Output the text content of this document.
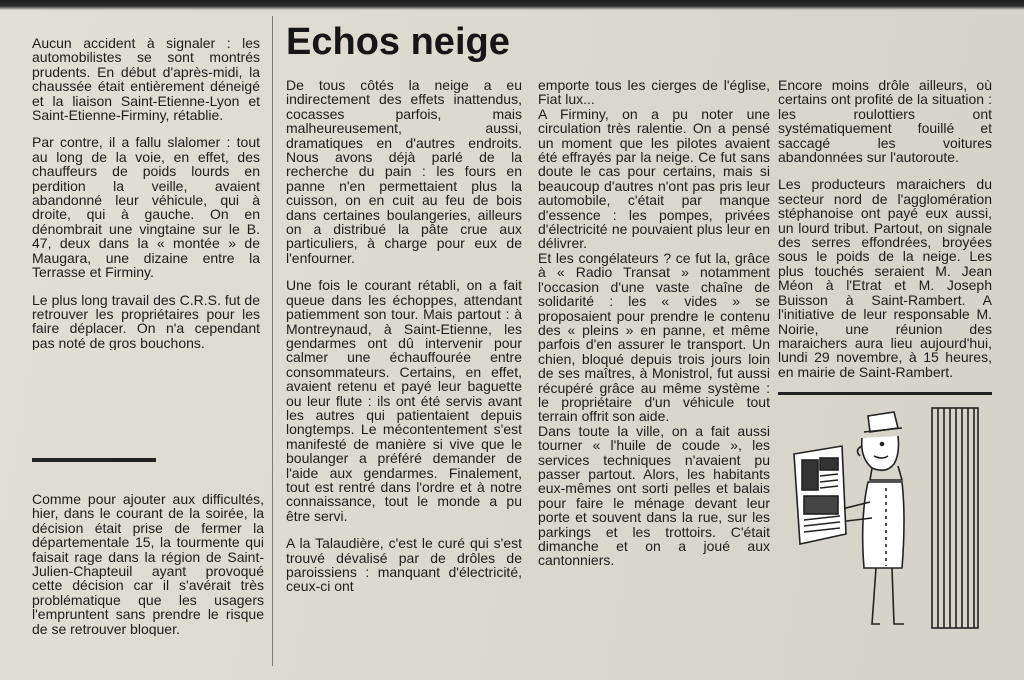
Echos neige

Aucun accident à signaler : les automobilistes se sont montrés prudents. En début d'après-midi, la chaussée était entièrement déneigé et la liaison Saint-Etienne-Lyon et Saint-Etienne-Firminy, rétablie.

Par contre, il a fallu slalomer : tout au long de la voie, en effet, des chauffeurs de poids lourds en perdition la veille, avaient abandonné leur véhicule, qui à droite, qui à gauche. On en dénombrait une vingtaine sur le B. 47, deux dans la « montée » de Maugara, une dizaine entre la Terrasse et Firminy.

Le plus long travail des C.R.S. fut de retrouver les propriétaires pour les faire déplacer. On n'a cependant pas noté de gros bouchons.

Comme pour ajouter aux difficultés, hier, dans le courant de la soirée, la décision était prise de fermer la départementale 15, la tourmente qui faisait rage dans la région de Saint-Julien-Chapteuil ayant provoqué cette décision car il s'avérait très problématique que les usagers l'empruntent sans prendre le risque de se retrouver bloquer.

De tous côtés la neige a eu indirectement des effets inattendus, cocasses parfois, mais malheureusement, aussi, dramatiques en d'autres endroits. Nous avons déjà parlé de la recherche du pain : les fours en panne n'en permettaient plus la cuisson, on en cuit au feu de bois dans certaines boulangeries, ailleurs on a distribué la pâte crue aux particuliers, à charge pour eux de l'enfourner.

Une fois le courant rétabli, on a fait queue dans les échoppes, attendant patiemment son tour. Mais partout : à Montreynaud, à Saint-Etienne, les gendarmes ont dû intervenir pour calmer une échauffourée entre consommateurs. Certains, en effet, avaient retenu et payé leur baguette ou leur flute : ils ont été servis avant les autres qui patientaient depuis longtemps. Le mécontentement s'est manifesté de manière si vive que le boulanger a préféré demander de l'aide aux gendarmes. Finalement, tout est rentré dans l'ordre et à notre connaissance, tout le monde a pu être servi.

A la Talaudière, c'est le curé qui s'est trouvé dévalisé par de drôles de paroissiens : manquant d'électricité, ceux-ci ont

emporte tous les cierges de l'église, Fiat lux...

A Firminy, on a pu noter une circulation très ralentie. On a pensé un moment que les pilotes avaient été effrayés par la neige. Ce fut sans doute le cas pour certains, mais si beaucoup d'autres n'ont pas pris leur automobile, c'était par manque d'essence : les pompes, privées d'électricité ne pouvaient plus leur en délivrer.

Et les congélateurs ? ce fut la, grâce à « Radio Transat » notamment l'occasion d'une vaste chaîne de solidarité : les « vides » se proposaient pour prendre le contenu des « pleins » en panne, et même parfois d'en assurer le transport. Un chien, bloqué depuis trois jours loin de ses maîtres, à Monistrol, fut aussi récupéré grâce au même système : le propriétaire d'un véhicule tout terrain offrit son aide.

Dans toute la ville, on a fait aussi tourner « l'huile de coude », les services techniques n'avaient pu passer partout. Alors, les habitants eux-mêmes ont sorti pelles et balais pour faire le ménage devant leur porte et souvent dans la rue, sur les parkings et les trottoirs. C'était dimanche et on a joué aux cantonniers.

Encore moins drôle ailleurs, où certains ont profité de la situation : les roulottiers ont systématiquement fouillé et saccagé les voitures abandonnées sur l'autoroute.

Les producteurs maraichers du secteur nord de l'agglomération stéphanoise ont payé eux aussi, un lourd tribut. Partout, on signale des serres effondrées, broyées sous le poids de la neige. Les plus touchés seraient M. Jean Méon à l'Etrat et M. Joseph Buisson à Saint-Rambert. A l'initiative de leur responsable M. Noirie, une réunion des maraichers aura lieu aujourd'hui, lundi 29 novembre, à 15 heures, en mairie de Saint-Rambert.
